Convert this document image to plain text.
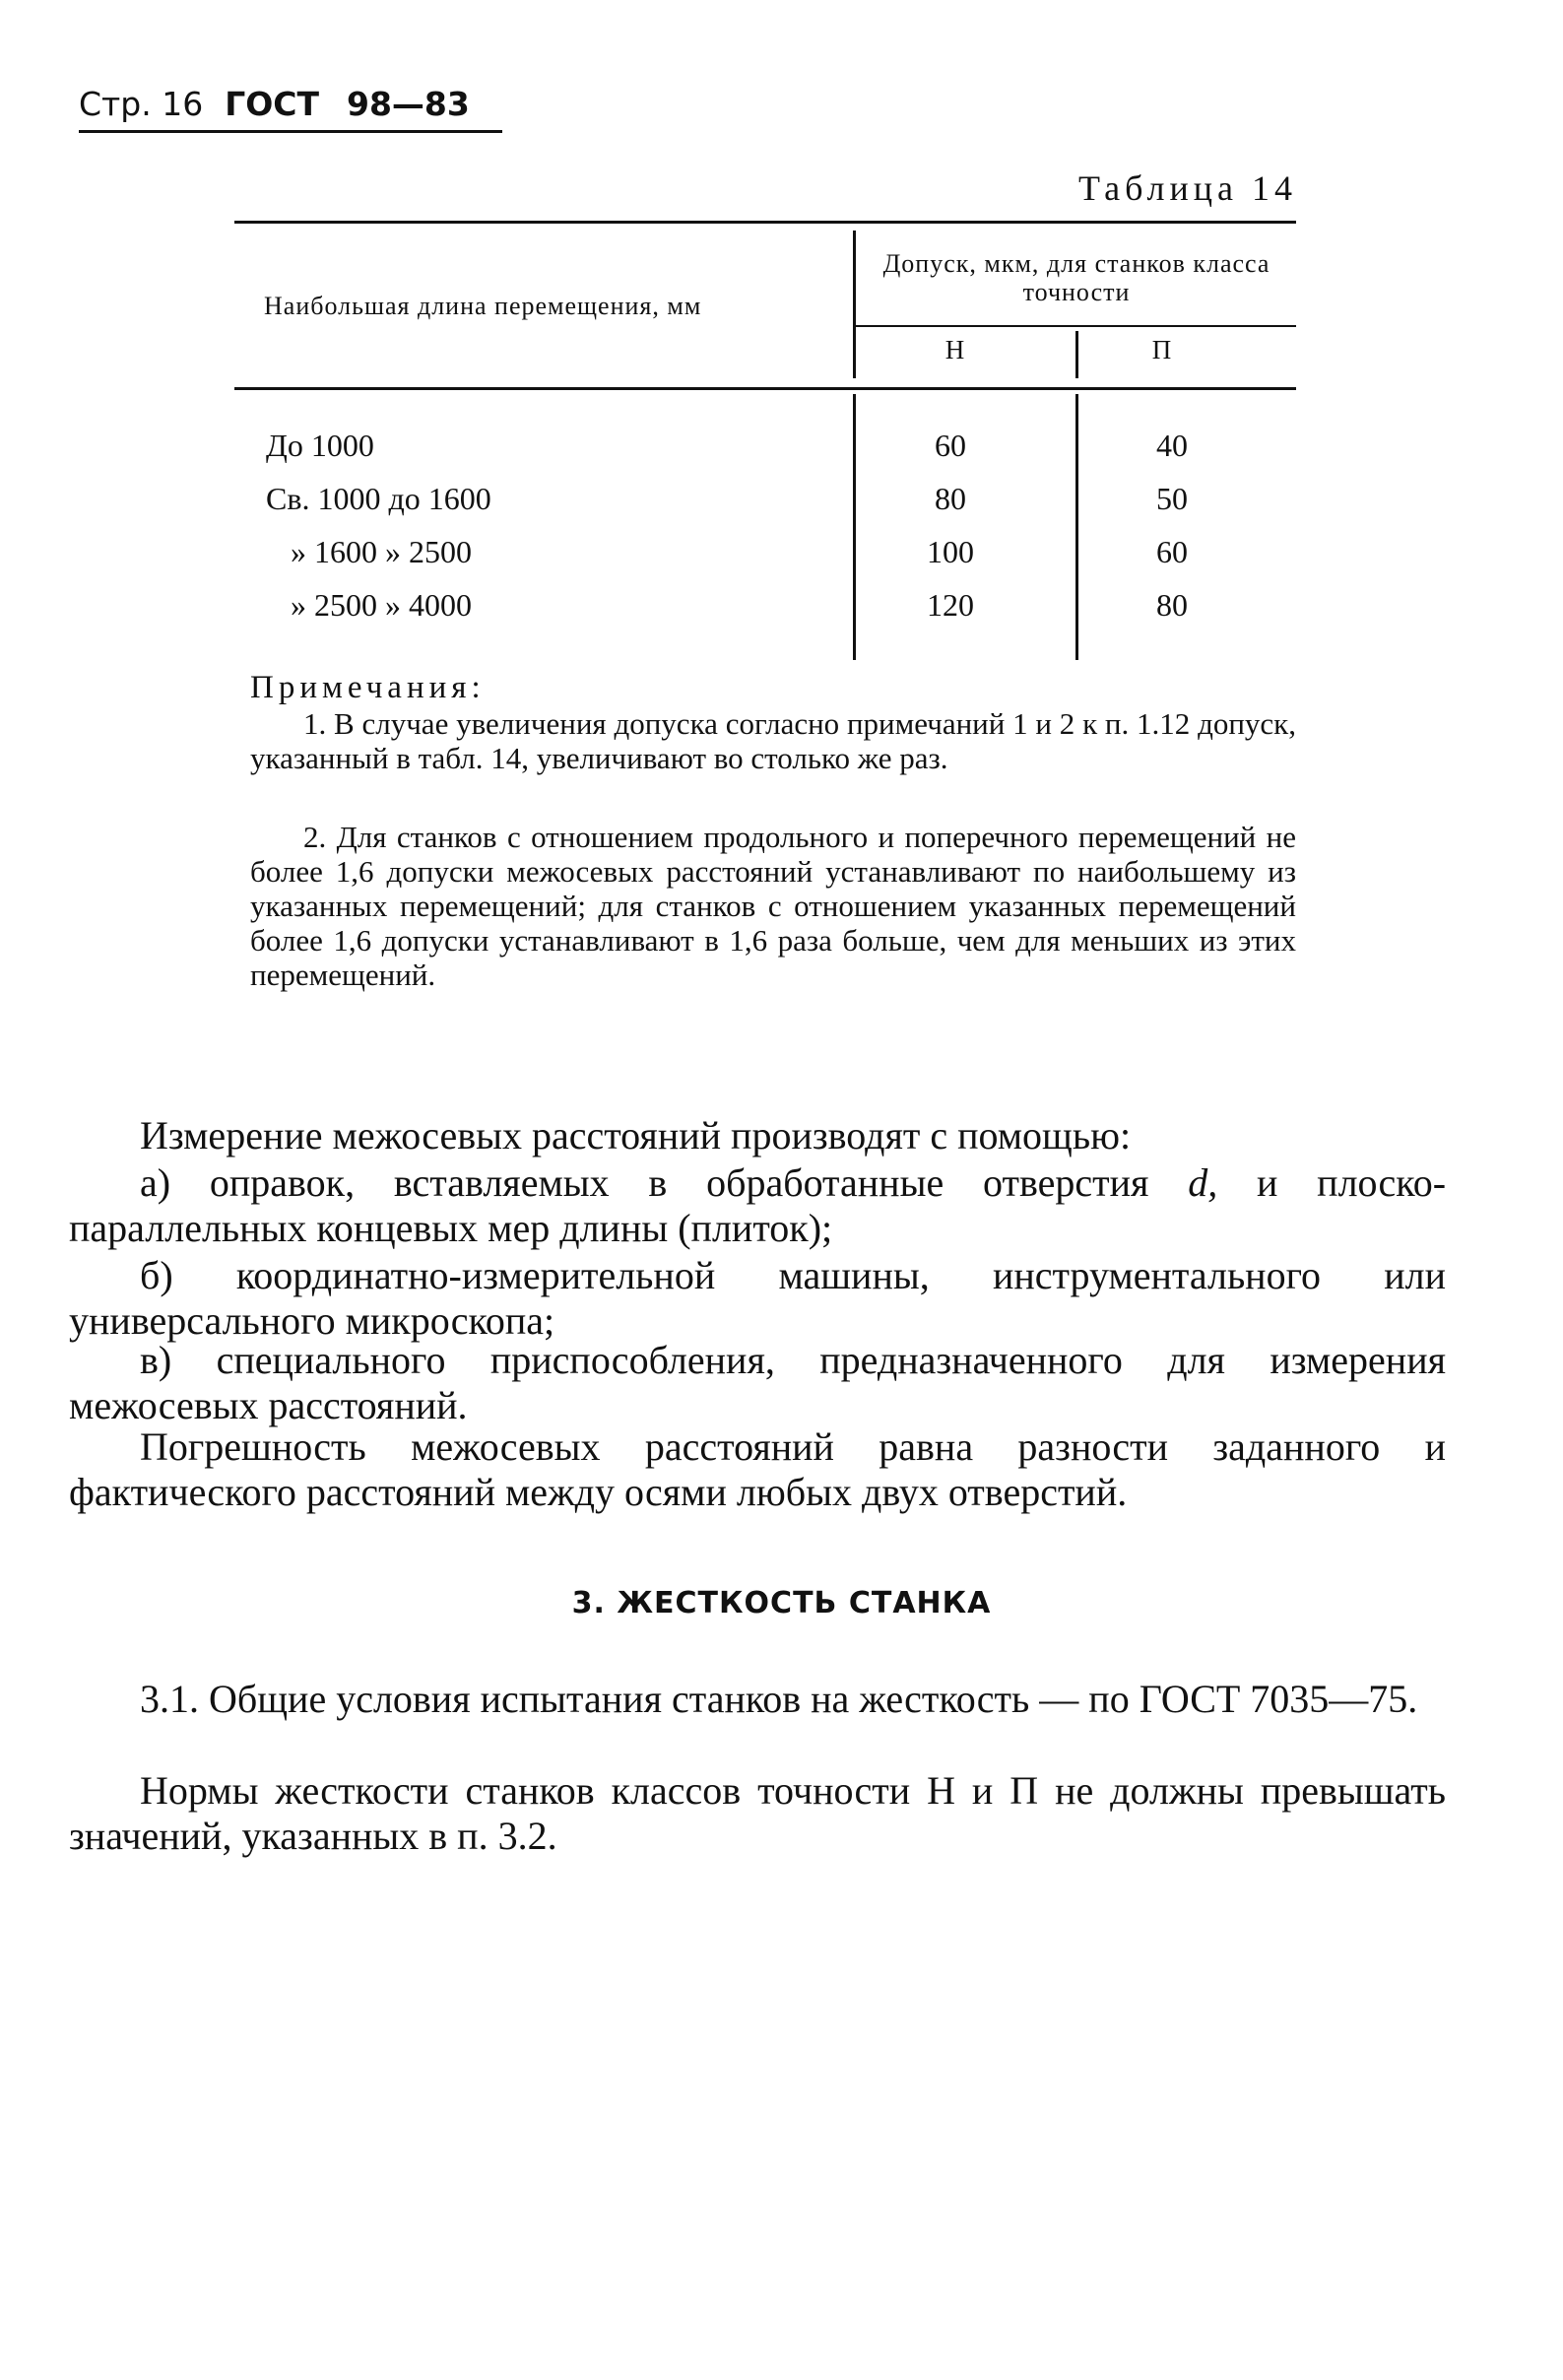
Стр. 16 ГОСТ 98—83
Таблица 14
Наибольшая длина перемещения, мм
Допуск, мкм, для станков класса точности
Н	П
До 1000	60	40
Св. 1000 до 1600	80	50
» 1600 » 2500	100	60
» 2500 » 4000	120	80
Примечания:
1. В случае увеличения допуска согласно примечаний 1 и 2 к п. 1.12 допуск, указанный в табл. 14, увеличивают во столько же раз.
2. Для станков с отношением продольного и поперечного перемещений не более 1,6 допуски межосевых расстояний устанавливают по наибольшему из указанных перемещений; для станков с отношением указанных перемещений более 1,6 допуски устанавливают в 1,6 раза больше, чем для меньших из этих перемещений.
Измерение межосевых расстояний производят с помощью:
а) оправок, вставляемых в обработанные отверстия d, и плоско-параллельных концевых мер длины (плиток);
б) координатно-измерительной машины, инструментального или универсального микроскопа;
в) специального приспособления, предназначенного для измерения межосевых расстояний.
Погрешность межосевых расстояний равна разности заданного и фактического расстояний между осями любых двух отверстий.
3. ЖЕСТКОСТЬ СТАНКА
3.1. Общие условия испытания станков на жесткость — по ГОСТ 7035—75.
Нормы жесткости станков классов точности Н и П не должны превышать значений, указанных в п. 3.2.
